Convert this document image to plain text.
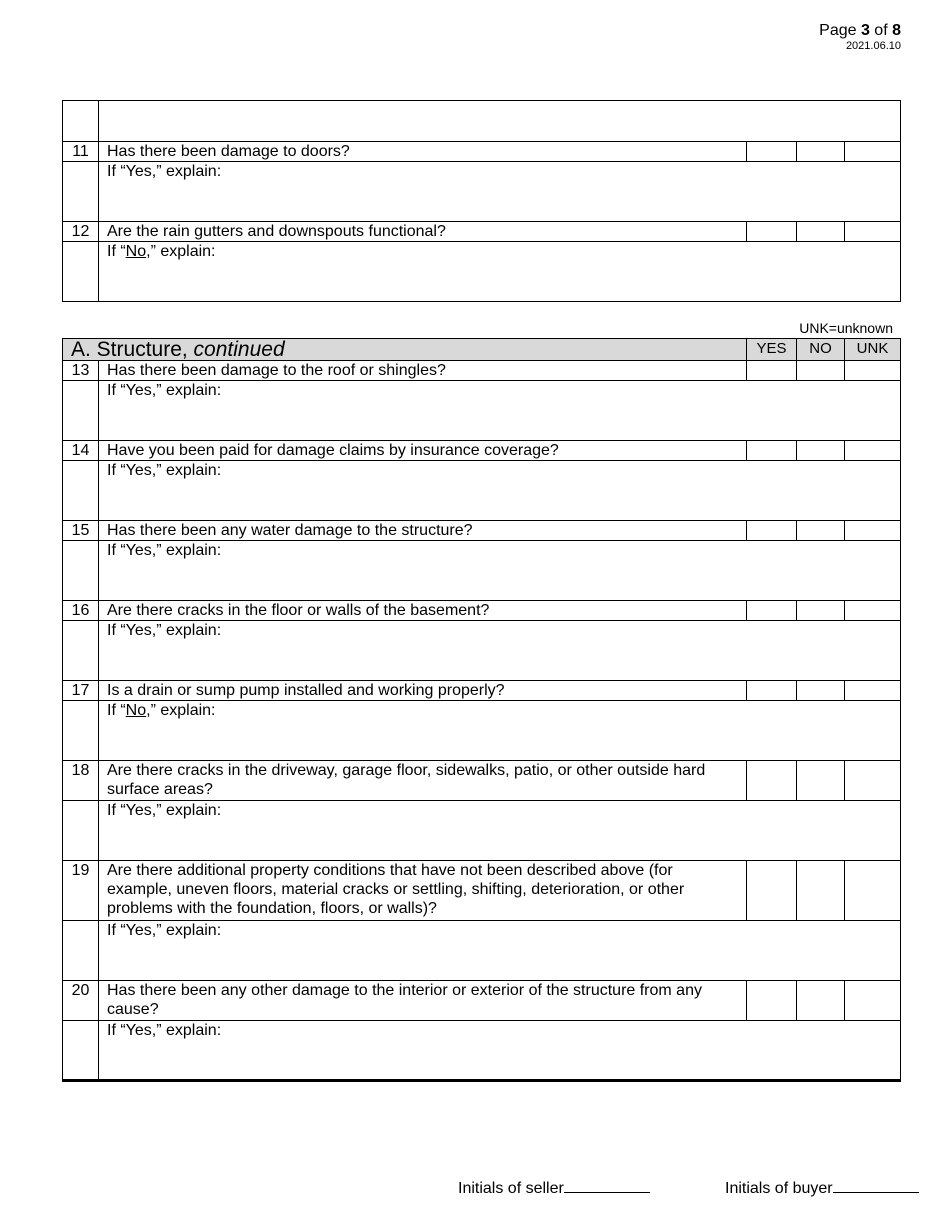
Page 3 of 8
2021.06.10

11	Has there been damage to doors?			
	If “Yes,” explain:			
12	Are the rain gutters and downspouts functional?			
	If “No,” explain:			
UNK=unknown
A. Structure, continued		YES	NO	UNK
13	Has there been damage to the roof or shingles?			
	If “Yes,” explain:			
14	Have you been paid for damage claims by insurance coverage?			
	If “Yes,” explain:			
15	Has there been any water damage to the structure?			
	If “Yes,” explain:			
16	Are there cracks in the floor or walls of the basement?			
	If “Yes,” explain:			
17	Is a drain or sump pump installed and working properly?			
	If “No,” explain:			
18	Are there cracks in the driveway, garage floor, sidewalks, patio, or other outside hard surface areas?			
	If “Yes,” explain:			
19	Are there additional property conditions that have not been described above (for example, uneven floors, material cracks or settling, shifting, deterioration, or other problems with the foundation, floors, or walls)?			
	If “Yes,” explain:			
20	Has there been any other damage to the interior or exterior of the structure from any cause?			
	If “Yes,” explain:			
Initials of seller	Initials of buyer
